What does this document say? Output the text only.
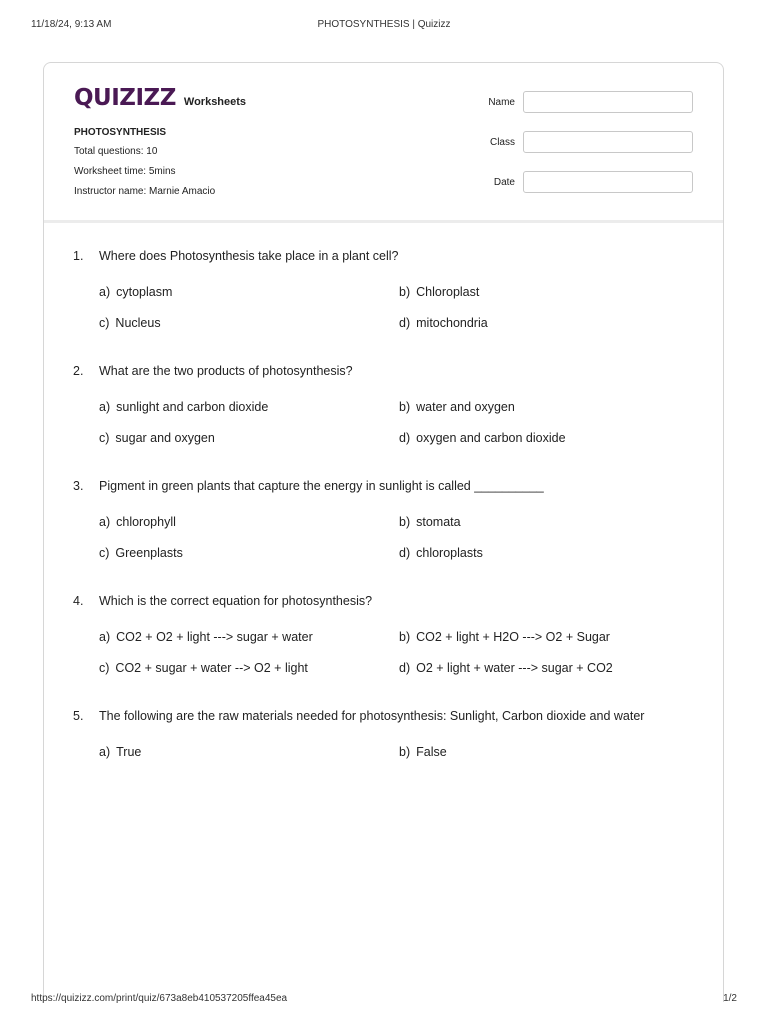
11/18/24, 9:13 AM	PHOTOSYNTHESIS | Quizizz
QUIZIZZ Worksheets
PHOTOSYNTHESIS
Total questions: 10
Worksheet time: 5mins
Instructor name: Marnie Amacio
Name
Class
Date
1.	Where does Photosynthesis take place in a plant cell?
a) cytoplasm	b) Chloroplast
c) Nucleus	d) mitochondria
2.	What are the two products of photosynthesis?
a) sunlight and carbon dioxide	b) water and oxygen
c) sugar and oxygen	d) oxygen and carbon dioxide
3.	Pigment in green plants that capture the energy in sunlight is called __________
a) chlorophyll	b) stomata
c) Greenplasts	d) chloroplasts
4.	Which is the correct equation for photosynthesis?
a) CO2 + O2 + light ---> sugar + water	b) CO2 + light + H2O ---> O2 + Sugar
c) CO2 + sugar + water --> O2 + light	d) O2 + light + water ---> sugar + CO2
5.	The following are the raw materials needed for photosynthesis: Sunlight, Carbon dioxide and water
a) True	b) False
https://quizizz.com/print/quiz/673a8eb410537205ffea45ea	1/2
